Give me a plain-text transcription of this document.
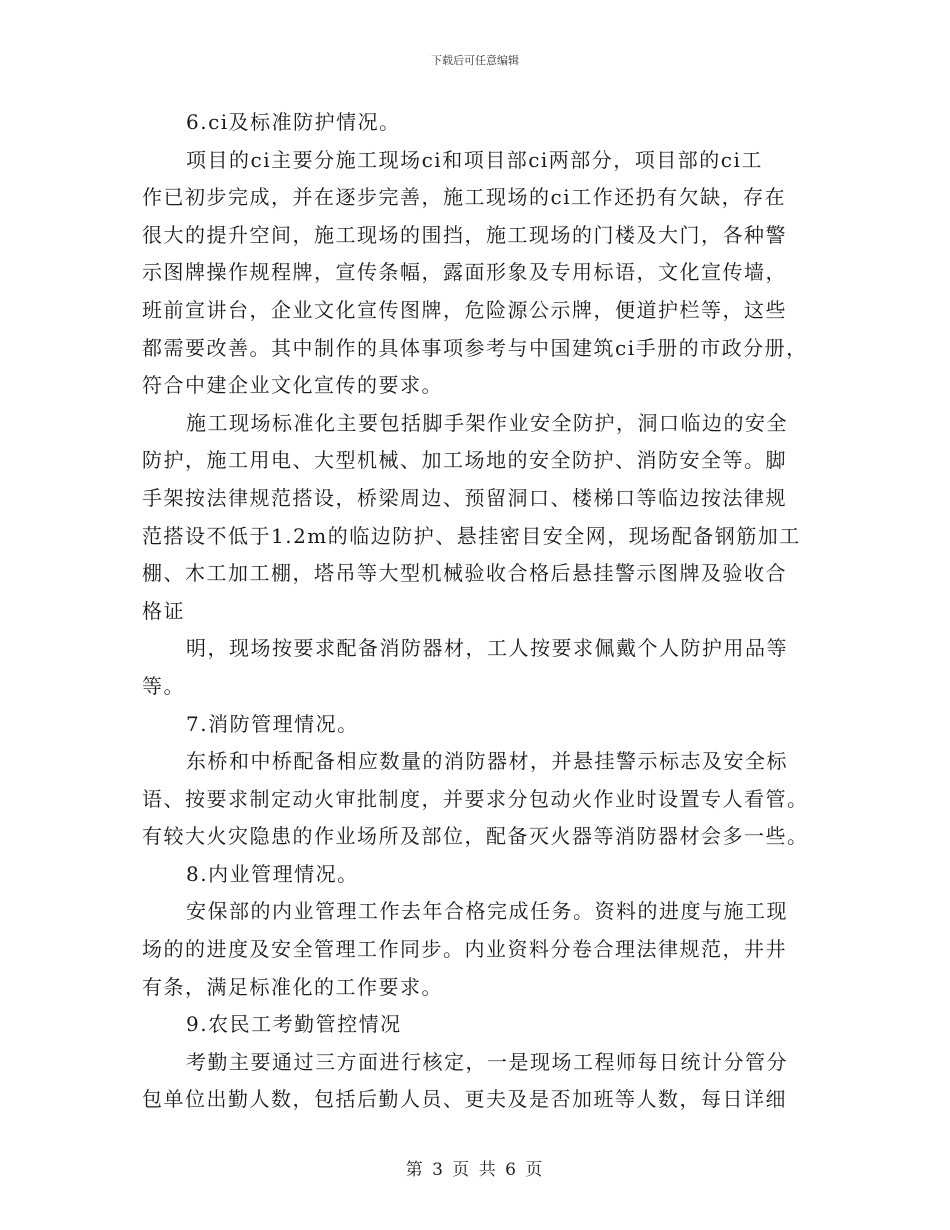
下载后可任意编辑
6.ci及标准防护情况。
项目的ci主要分施工现场ci和项目部ci两部分，项目部的ci工
作已初步完成，并在逐步完善，施工现场的ci工作还扔有欠缺，存在
很大的提升空间，施工现场的围挡，施工现场的门楼及大门，各种警
示图牌操作规程牌，宣传条幅，露面形象及专用标语，文化宣传墙，
班前宣讲台，企业文化宣传图牌，危险源公示牌，便道护栏等，这些
都需要改善。其中制作的具体事项参考与中国建筑ci手册的市政分册，
符合中建企业文化宣传的要求。
施工现场标准化主要包括脚手架作业安全防护，洞口临边的安全
防护，施工用电、大型机械、加工场地的安全防护、消防安全等。脚
手架按法律规范搭设，桥梁周边、预留洞口、楼梯口等临边按法律规
范搭设不低于1.2m的临边防护、悬挂密目安全网，现场配备钢筋加工
棚、木工加工棚，塔吊等大型机械验收合格后悬挂警示图牌及验收合
格证
明，现场按要求配备消防器材，工人按要求佩戴个人防护用品等
等。
7.消防管理情况。
东桥和中桥配备相应数量的消防器材，并悬挂警示标志及安全标
语、按要求制定动火审批制度，并要求分包动火作业时设置专人看管。
有较大火灾隐患的作业场所及部位，配备灭火器等消防器材会多一些。
8.内业管理情况。
安保部的内业管理工作去年合格完成任务。资料的进度与施工现
场的的进度及安全管理工作同步。内业资料分卷合理法律规范，井井
有条，满足标准化的工作要求。
9.农民工考勤管控情况
考勤主要通过三方面进行核定，一是现场工程师每日统计分管分
包单位出勤人数，包括后勤人员、更夫及是否加班等人数，每日详细
第 3 页 共 6 页
